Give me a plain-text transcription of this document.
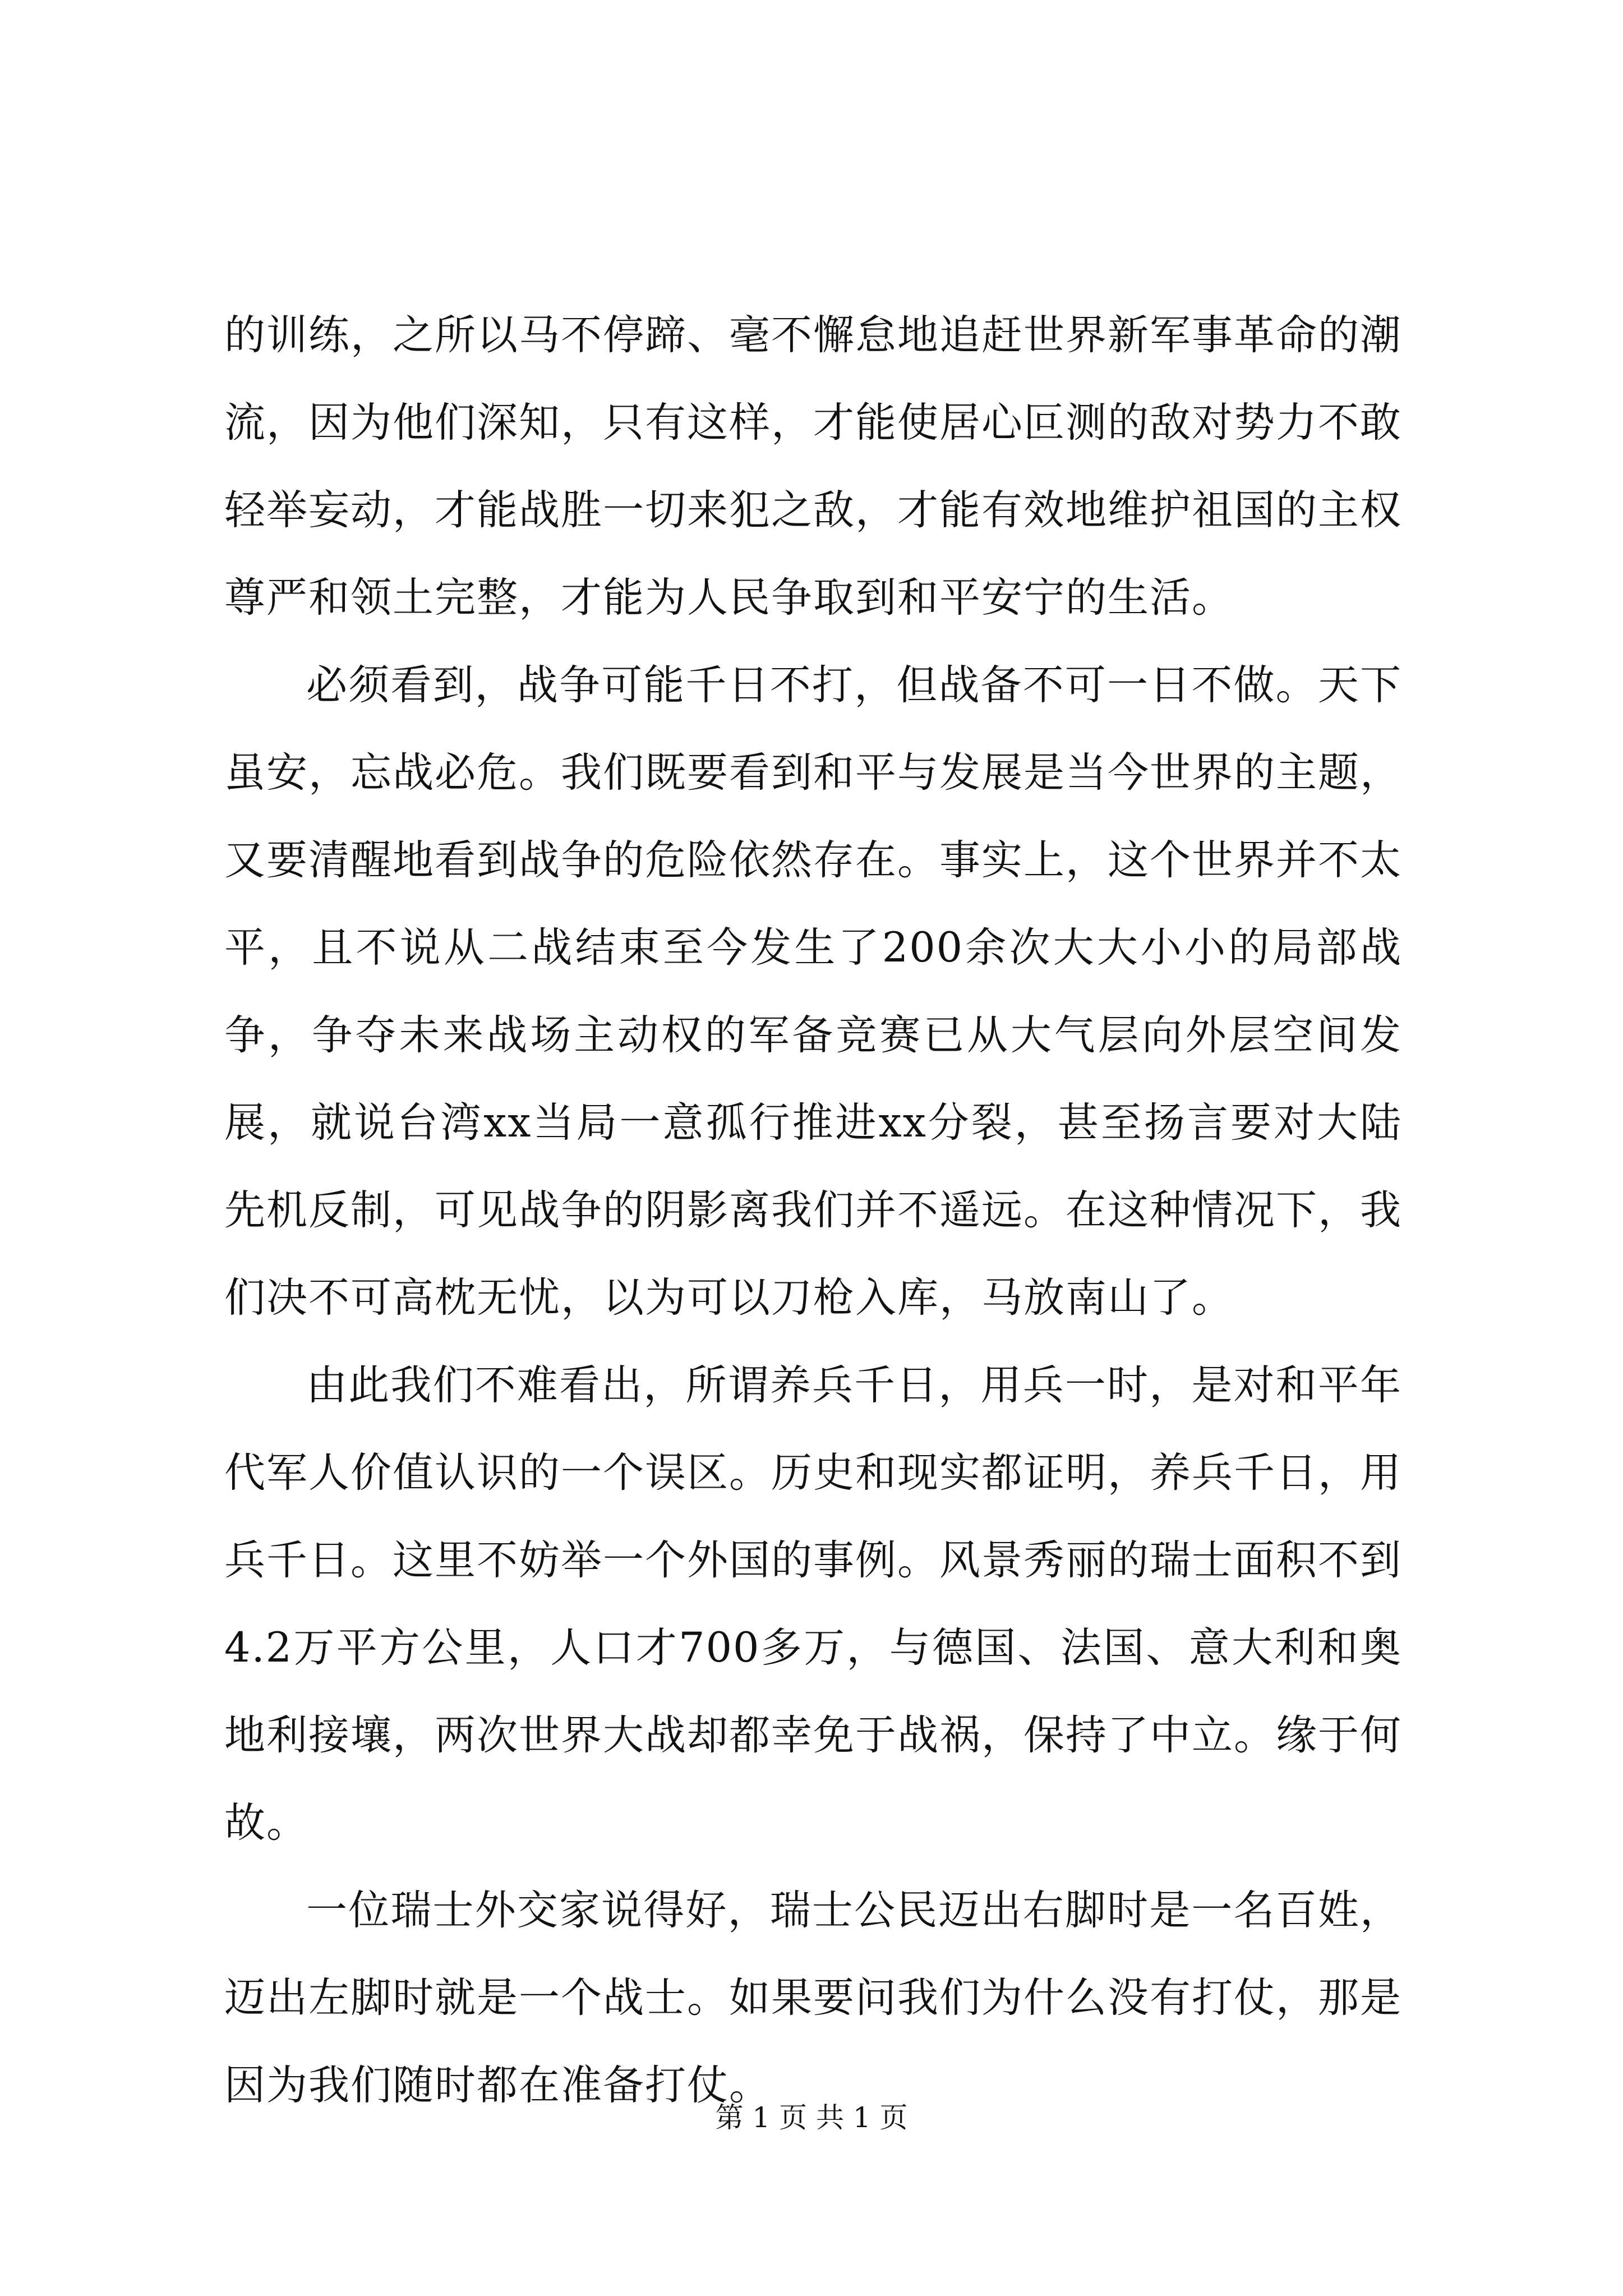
的训练，之所以马不停蹄、毫不懈怠地追赶世界新军事革命的潮流，因为他们深知，只有这样，才能使居心叵测的敌对势力不敢轻举妄动，才能战胜一切来犯之敌，才能有效地维护祖国的主权尊严和领土完整，才能为人民争取到和平安宁的生活。

必须看到，战争可能千日不打，但战备不可一日不做。天下虽安，忘战必危。我们既要看到和平与发展是当今世界的主题，又要清醒地看到战争的危险依然存在。事实上，这个世界并不太平，且不说从二战结束至今发生了200余次大大小小的局部战争，争夺未来战场主动权的军备竞赛已从大气层向外层空间发展，就说台湾xx当局一意孤行推进xx分裂，甚至扬言要对大陆先机反制，可见战争的阴影离我们并不遥远。在这种情况下，我们决不可高枕无忧，以为可以刀枪入库，马放南山了。

由此我们不难看出，所谓养兵千日，用兵一时，是对和平年代军人价值认识的一个误区。历史和现实都证明，养兵千日，用兵千日。这里不妨举一个外国的事例。风景秀丽的瑞士面积不到4.2万平方公里，人口才700多万，与德国、法国、意大利和奥地利接壤，两次世界大战却都幸免于战祸，保持了中立。缘于何故。

一位瑞士外交家说得好，瑞士公民迈出右脚时是一名百姓，迈出左脚时就是一个战士。如果要问我们为什么没有打仗，那是因为我们随时都在准备打仗。

第 1 页 共 1 页
